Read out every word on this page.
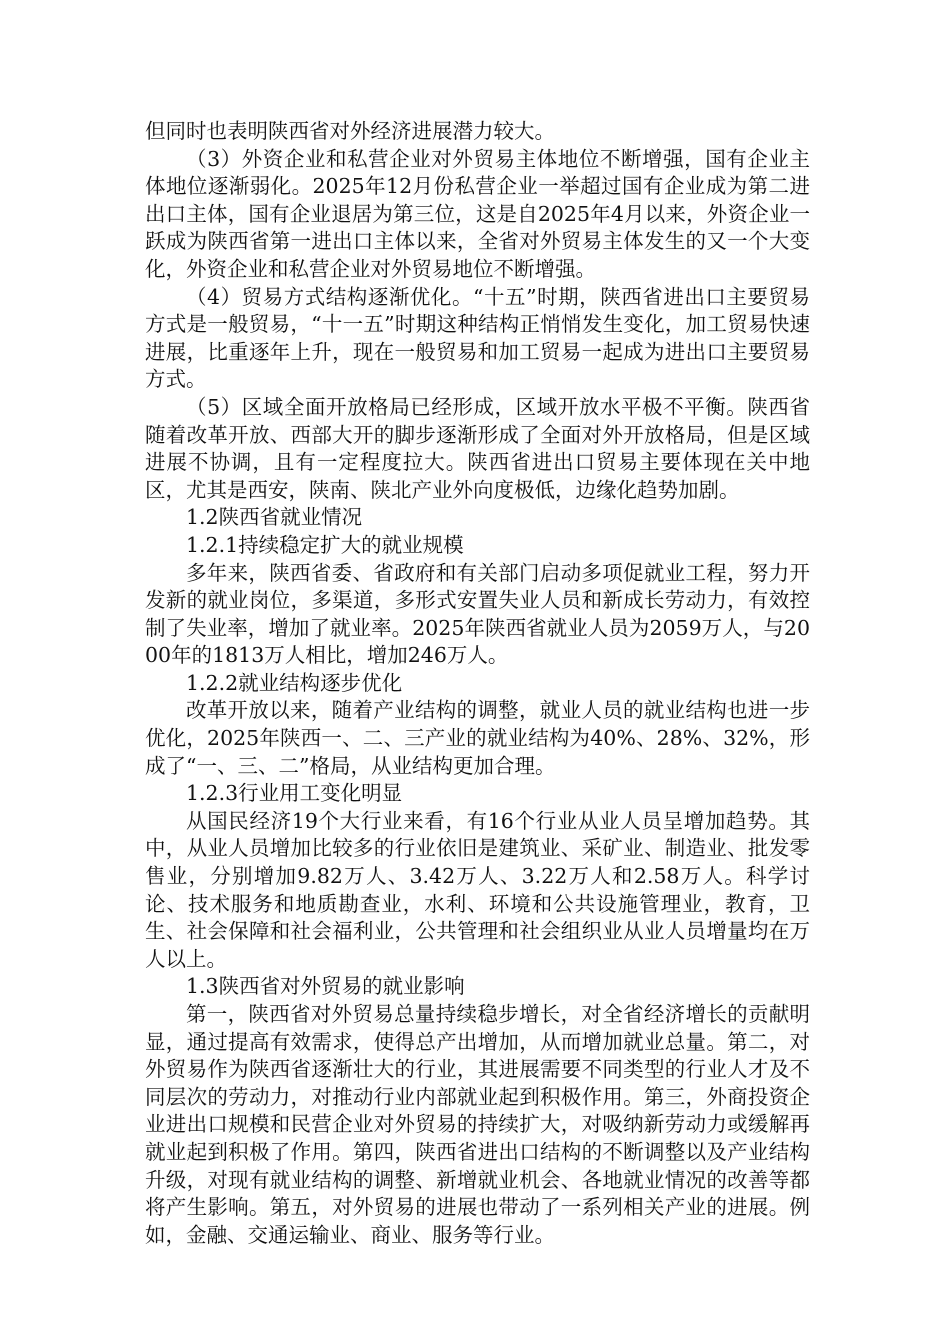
但同时也表明陕西省对外经济进展潜力较大。

（3）外资企业和私营企业对外贸易主体地位不断增强，国有企业主体地位逐渐弱化。2025年12月份私营企业一举超过国有企业成为第二进出口主体，国有企业退居为第三位，这是自2025年4月以来，外资企业一跃成为陕西省第一进出口主体以来，全省对外贸易主体发生的又一个大变化，外资企业和私营企业对外贸易地位不断增强。

（4）贸易方式结构逐渐优化。“十五”时期，陕西省进出口主要贸易方式是一般贸易，“十一五”时期这种结构正悄悄发生变化，加工贸易快速进展，比重逐年上升，现在一般贸易和加工贸易一起成为进出口主要贸易方式。

（5）区域全面开放格局已经形成，区域开放水平极不平衡。陕西省随着改革开放、西部大开的脚步逐渐形成了全面对外开放格局，但是区域进展不协调，且有一定程度拉大。陕西省进出口贸易主要体现在关中地区，尤其是西安，陕南、陕北产业外向度极低，边缘化趋势加剧。

1.2陕西省就业情况

1.2.1持续稳定扩大的就业规模

多年来，陕西省委、省政府和有关部门启动多项促就业工程，努力开发新的就业岗位，多渠道，多形式安置失业人员和新成长劳动力，有效控制了失业率，增加了就业率。2025年陕西省就业人员为2059万人，与2000年的1813万人相比，增加246万人。

1.2.2就业结构逐步优化

改革开放以来，随着产业结构的调整，就业人员的就业结构也进一步优化，2025年陕西一、二、三产业的就业结构为40%、28%、32%，形成了“一、三、二”格局，从业结构更加合理。

1.2.3行业用工变化明显

从国民经济19个大行业来看，有16个行业从业人员呈增加趋势。其中，从业人员增加比较多的行业依旧是建筑业、采矿业、制造业、批发零售业，分别增加9.82万人、3.42万人、3.22万人和2.58万人。科学讨论、技术服务和地质勘查业，水利、环境和公共设施管理业，教育，卫生、社会保障和社会福利业，公共管理和社会组织业从业人员增量均在万人以上。

1.3陕西省对外贸易的就业影响

第一，陕西省对外贸易总量持续稳步增长，对全省经济增长的贡献明显，通过提高有效需求，使得总产出增加，从而增加就业总量。第二，对外贸易作为陕西省逐渐壮大的行业，其进展需要不同类型的行业人才及不同层次的劳动力，对推动行业内部就业起到积极作用。第三，外商投资企业进出口规模和民营企业对外贸易的持续扩大，对吸纳新劳动力或缓解再就业起到积极了作用。第四，陕西省进出口结构的不断调整以及产业结构升级，对现有就业结构的调整、新增就业机会、各地就业情况的改善等都将产生影响。第五，对外贸易的进展也带动了一系列相关产业的进展。例如，金融、交通运输业、商业、服务等行业。
